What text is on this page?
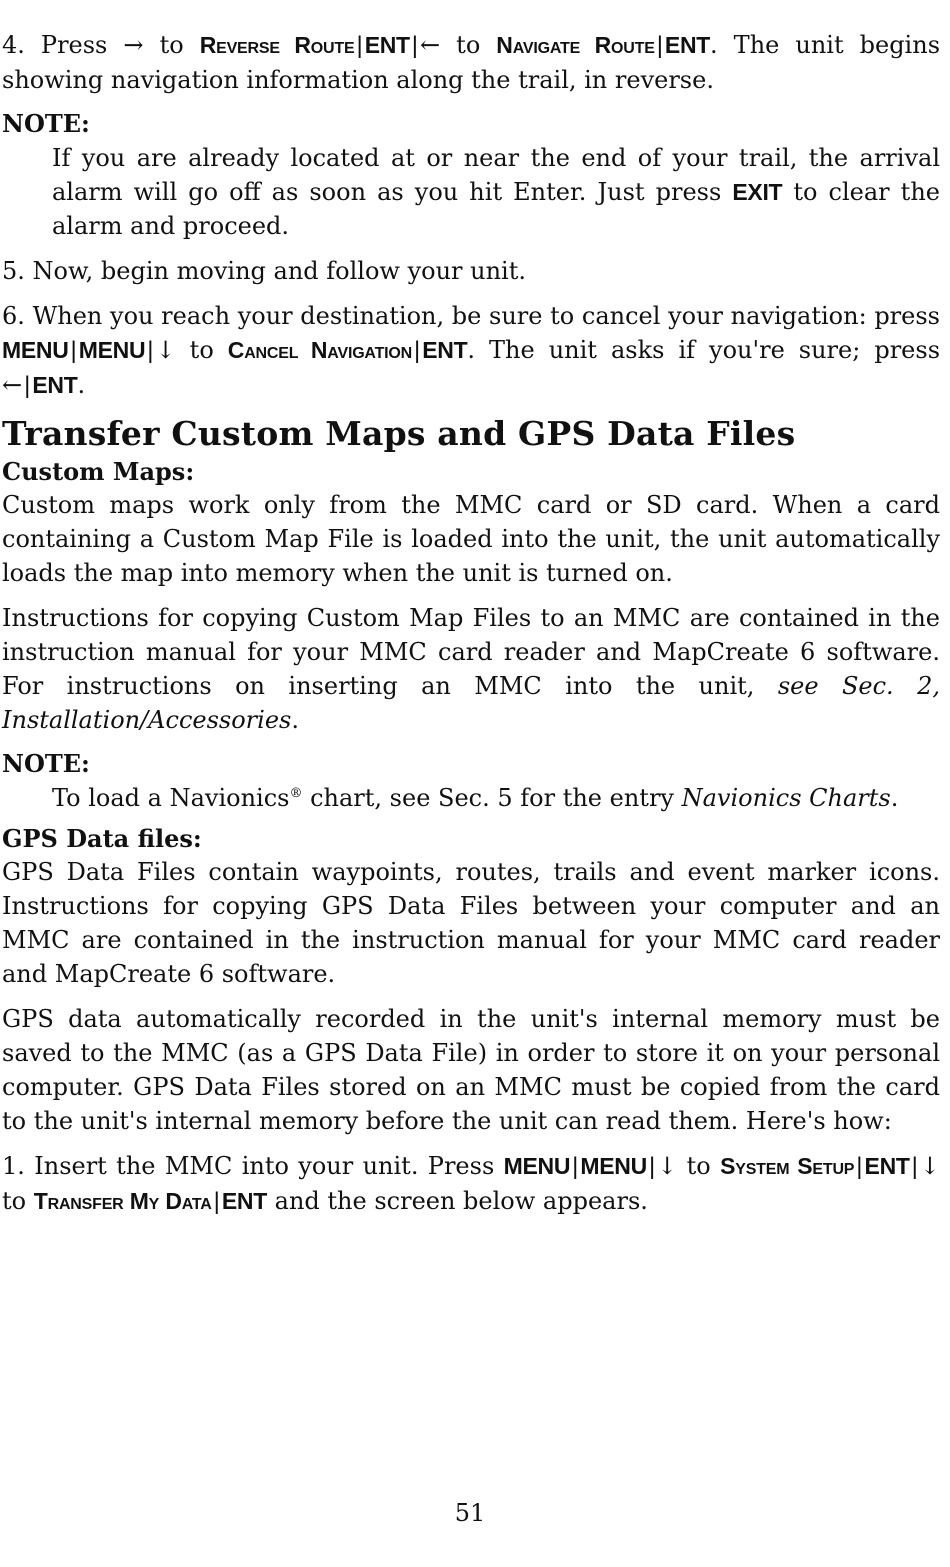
4. Press → to Reverse Route|ENT|← to Navigate Route|ENT. The unit begins showing navigation information along the trail, in reverse.

NOTE:

If you are already located at or near the end of your trail, the arrival alarm will go off as soon as you hit Enter. Just press EXIT to clear the alarm and proceed.

5. Now, begin moving and follow your unit.

6. When you reach your destination, be sure to cancel your navigation: press MENU|MENU|↓ to Cancel Navigation|ENT. The unit asks if you're sure; press ←|ENT.

Transfer Custom Maps and GPS Data Files
Custom Maps:

Custom maps work only from the MMC card or SD card. When a card containing a Custom Map File is loaded into the unit, the unit automatically loads the map into memory when the unit is turned on.

Instructions for copying Custom Map Files to an MMC are contained in the instruction manual for your MMC card reader and MapCreate 6 software. For instructions on inserting an MMC into the unit, see Sec. 2, Installation/Accessories.

NOTE:

To load a Navionics® chart, see Sec. 5 for the entry Navionics Charts.

GPS Data files:

GPS Data Files contain waypoints, routes, trails and event marker icons. Instructions for copying GPS Data Files between your computer and an MMC are contained in the instruction manual for your MMC card reader and MapCreate 6 software.

GPS data automatically recorded in the unit's internal memory must be saved to the MMC (as a GPS Data File) in order to store it on your personal computer. GPS Data Files stored on an MMC must be copied from the card to the unit's internal memory before the unit can read them. Here's how:

1. Insert the MMC into your unit. Press MENU|MENU|↓ to System Setup|ENT|↓ to Transfer My Data|ENT and the screen below appears.

51
